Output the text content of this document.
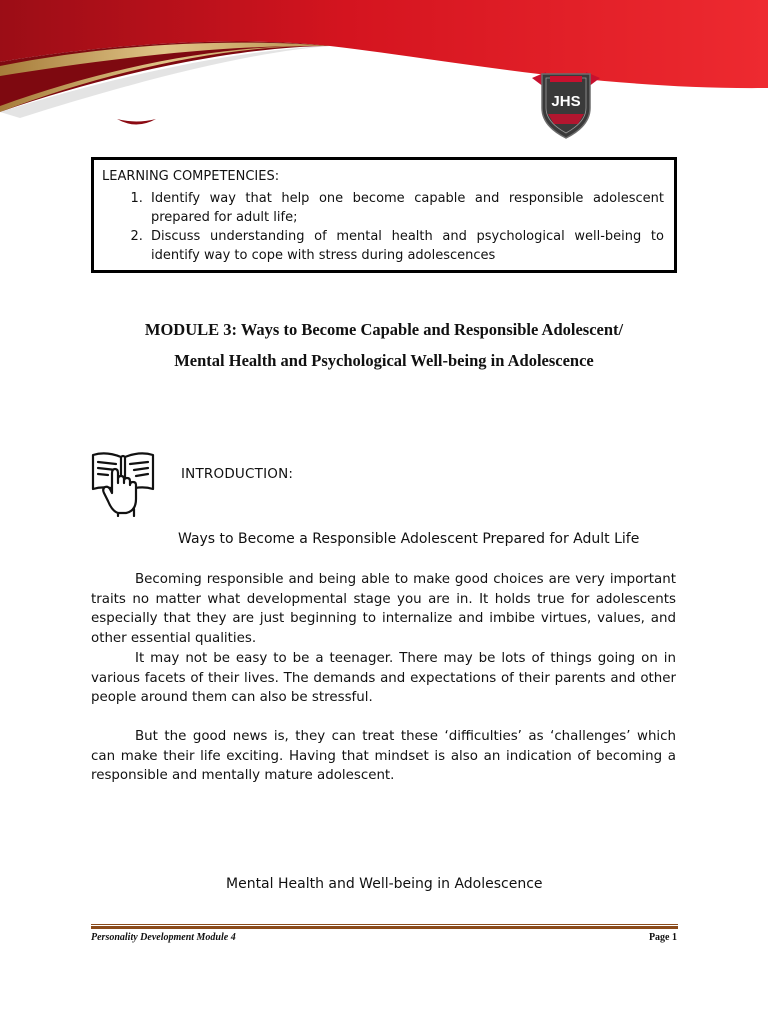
JHS
LEARNING COMPETENCIES:
1. Identify way that help one become capable and responsible adolescent prepared for adult life;
2. Discuss understanding of mental health and psychological well-being to identify way to cope with stress during adolescences
MODULE 3: Ways to Become Capable and Responsible Adolescent/
Mental Health and Psychological Well-being in Adolescence
INTRODUCTION:
Ways to Become a Responsible Adolescent Prepared for Adult Life

Becoming responsible and being able to make good choices are very important traits no matter what developmental stage you are in. It holds true for adolescents especially that they are just beginning to internalize and imbibe virtues, values, and other essential qualities.

It may not be easy to be a teenager. There may be lots of things going on in various facets of their lives. The demands and expectations of their parents and other people around them can also be stressful.

But the good news is, they can treat these ‘difficulties’ as ‘challenges’ which can make their life exciting. Having that mindset is also an indication of becoming a responsible and mentally mature adolescent.

Mental Health and Well-being in Adolescence
Personality Development Module 4	Page 1
